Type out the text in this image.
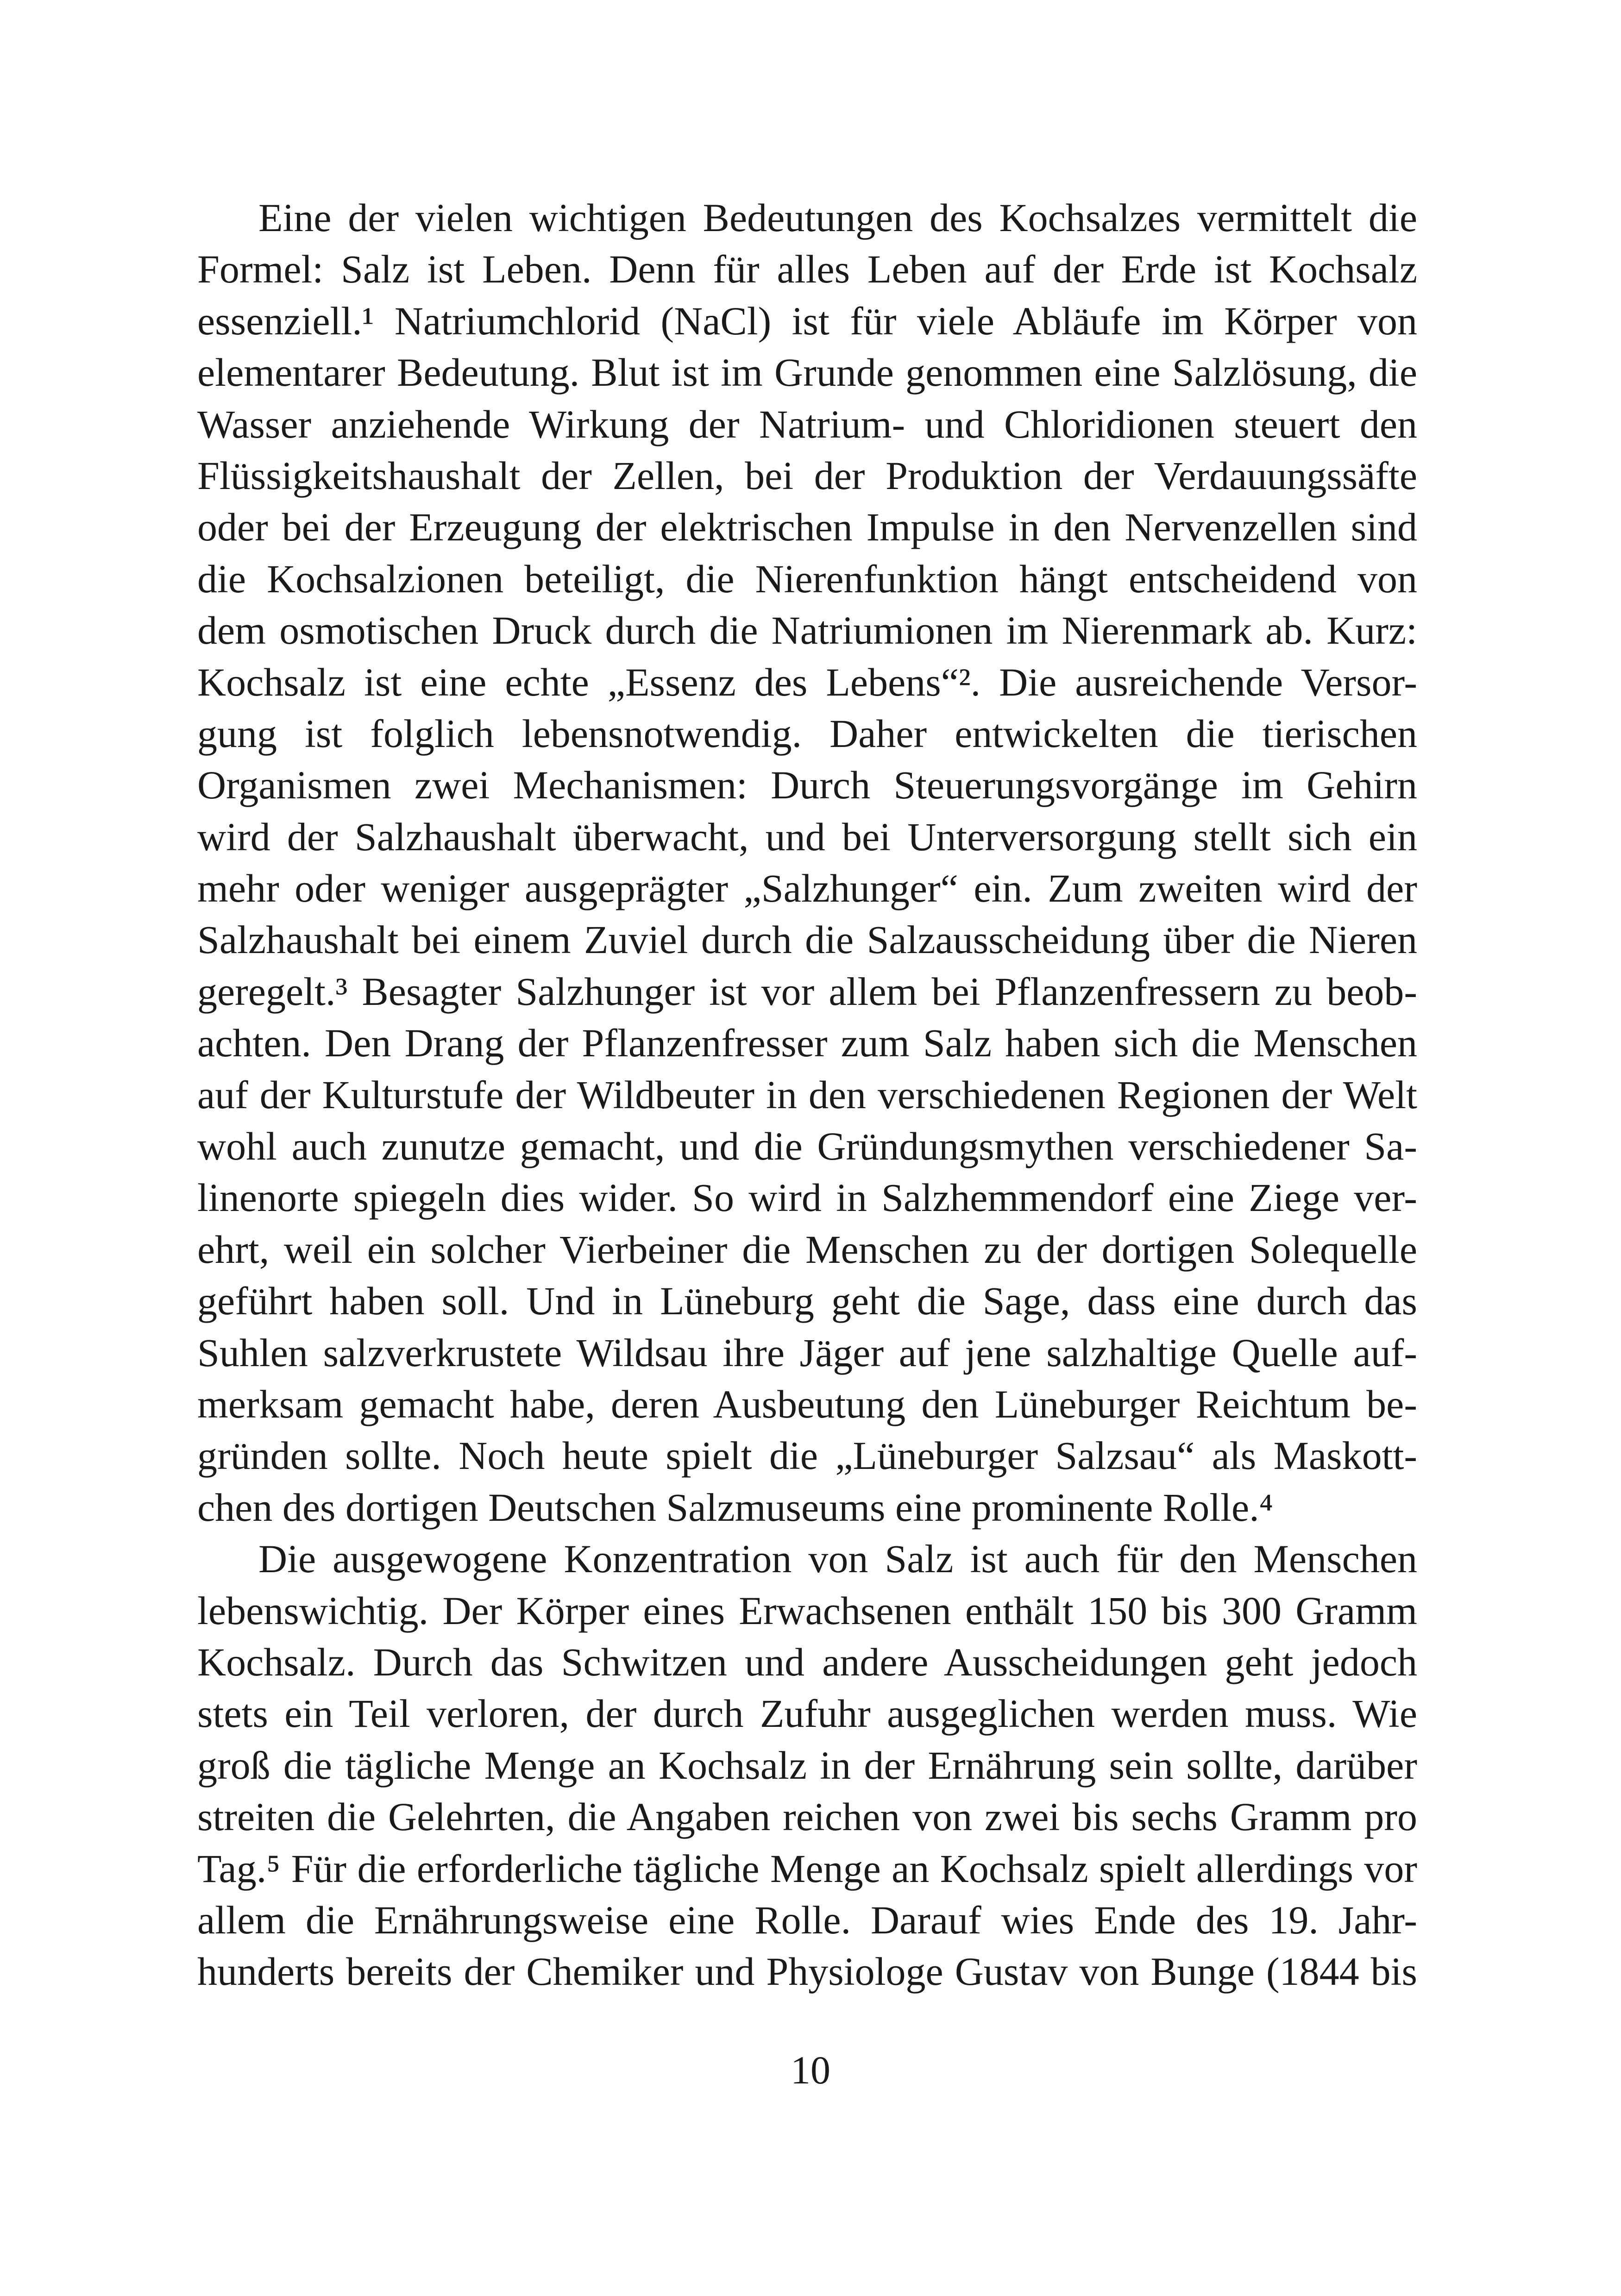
Eine der vielen wichtigen Bedeutungen des Kochsalzes vermittelt die
Formel: Salz ist Leben. Denn für alles Leben auf der Erde ist Kochsalz
essenziell.¹ Natriumchlorid (NaCl) ist für viele Abläufe im Körper von
elementarer Bedeutung. Blut ist im Grunde genommen eine Salzlösung, die
Wasser anziehende Wirkung der Natrium- und Chloridionen steuert den
Flüssigkeitshaushalt der Zellen, bei der Produktion der Verdauungssäfte
oder bei der Erzeugung der elektrischen Impulse in den Nervenzellen sind
die Kochsalzionen beteiligt, die Nierenfunktion hängt entscheidend von
dem osmotischen Druck durch die Natriumionen im Nierenmark ab. Kurz:
Kochsalz ist eine echte „Essenz des Lebens“². Die ausreichende Versor-
gung ist folglich lebensnotwendig. Daher entwickelten die tierischen
Organismen zwei Mechanismen: Durch Steuerungsvorgänge im Gehirn
wird der Salzhaushalt überwacht, und bei Unterversorgung stellt sich ein
mehr oder weniger ausgeprägter „Salzhunger“ ein. Zum zweiten wird der
Salzhaushalt bei einem Zuviel durch die Salzausscheidung über die Nieren
geregelt.³ Besagter Salzhunger ist vor allem bei Pflanzenfressern zu beob-
achten. Den Drang der Pflanzenfresser zum Salz haben sich die Menschen
auf der Kulturstufe der Wildbeuter in den verschiedenen Regionen der Welt
wohl auch zunutze gemacht, und die Gründungsmythen verschiedener Sa-
linenorte spiegeln dies wider. So wird in Salzhemmendorf eine Ziege ver-
ehrt, weil ein solcher Vierbeiner die Menschen zu der dortigen Solequelle
geführt haben soll. Und in Lüneburg geht die Sage, dass eine durch das
Suhlen salzverkrustete Wildsau ihre Jäger auf jene salzhaltige Quelle auf-
merksam gemacht habe, deren Ausbeutung den Lüneburger Reichtum be-
gründen sollte. Noch heute spielt die „Lüneburger Salzsau“ als Maskott-
chen des dortigen Deutschen Salzmuseums eine prominente Rolle.⁴
Die ausgewogene Konzentration von Salz ist auch für den Menschen
lebenswichtig. Der Körper eines Erwachsenen enthält 150 bis 300 Gramm
Kochsalz. Durch das Schwitzen und andere Ausscheidungen geht jedoch
stets ein Teil verloren, der durch Zufuhr ausgeglichen werden muss. Wie
groß die tägliche Menge an Kochsalz in der Ernährung sein sollte, darüber
streiten die Gelehrten, die Angaben reichen von zwei bis sechs Gramm pro
Tag.⁵ Für die erforderliche tägliche Menge an Kochsalz spielt allerdings vor
allem die Ernährungsweise eine Rolle. Darauf wies Ende des 19. Jahr-
hunderts bereits der Chemiker und Physiologe Gustav von Bunge (1844 bis
10
